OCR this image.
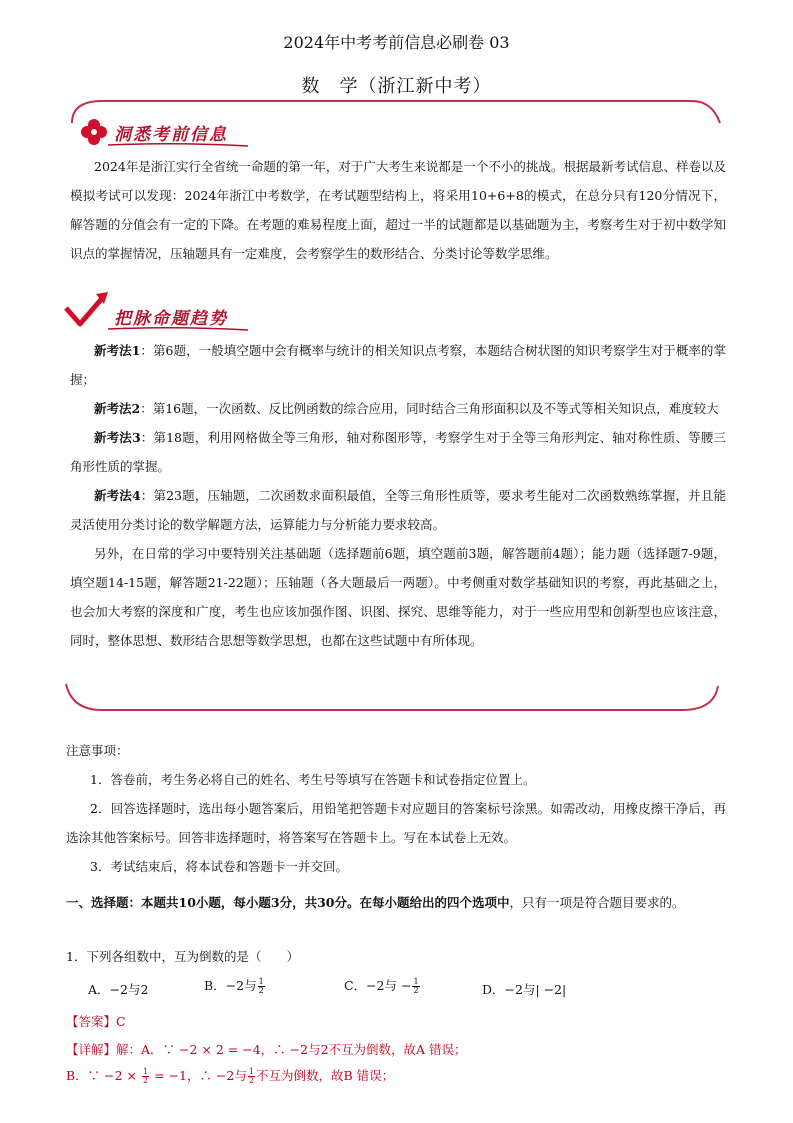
2024年中考考前信息必刷卷 03
数　学（浙江新中考）
洞悉考前信息
2024年是浙江实行全省统一命题的第一年，对于广大考生来说都是一个不小的挑战。根据最新考试信息、样卷以及模拟考试可以发现：2024年浙江中考数学，在考试题型结构上，将采用10+6+8的模式，在总分只有120分情况下，解答题的分值会有一定的下降。在考题的难易程度上面，超过一半的试题都是以基础题为主，考察考生对于初中数学知识点的掌握情况，压轴题具有一定难度，会考察学生的数形结合、分类讨论等数学思维。
把脉命题趋势
新考法1：第6题，一般填空题中会有概率与统计的相关知识点考察，本题结合树状图的知识考察学生对于概率的掌握；
新考法2：第16题，一次函数、反比例函数的综合应用，同时结合三角形面积以及不等式等相关知识点，难度较大
新考法3：第18题，利用网格做全等三角形，轴对称图形等，考察学生对于全等三角形判定、轴对称性质、等腰三角形性质的掌握。
新考法4：第23题，压轴题，二次函数求面积最值，全等三角形性质等，要求考生能对二次函数熟练掌握，并且能灵活使用分类讨论的数学解题方法，运算能力与分析能力要求较高。
另外，在日常的学习中要特别关注基础题（选择题前6题，填空题前3题，解答题前4题）；能力题（选择题7-9题，填空题14-15题，解答题21-22题）；压轴题（各大题最后一两题）。中考侧重对数学基础知识的考察，再此基础之上，也会加大考察的深度和广度，考生也应该加强作图、识图、探究、思维等能力，对于一些应用型和创新型也应该注意，同时，整体思想、数形结合思想等数学思想，也都在这些试题中有所体现。
注意事项：
1．答卷前，考生务必将自己的姓名、考生号等填写在答题卡和试卷指定位置上。
2．回答选择题时，选出每小题答案后，用铅笔把答题卡对应题目的答案标号涂黑。如需改动，用橡皮擦干净后，再选涂其他答案标号。回答非选择题时，将答案写在答题卡上。写在本试卷上无效。
3．考试结束后，将本试卷和答题卡一并交回。
一、选择题：本题共10小题，每小题3分，共30分。在每小题给出的四个选项中，只有一项是符合题目要求的。
1．下列各组数中，互为倒数的是（　　）
A．−2与2	B．−2与 $\frac{1}{2}$	C．−2与 − $\frac{1}{2}$	D．−2与| −2|
【答案】C
【详解】解：A．∵ −2 × 2 = −4，∴ −2与2不互为倒数，故A 错误；
B．∵ $-2 \times \frac{1}{2} = -1$，∴ −2与 $\frac{1}{2}$ 不互为倒数，故B 错误；
